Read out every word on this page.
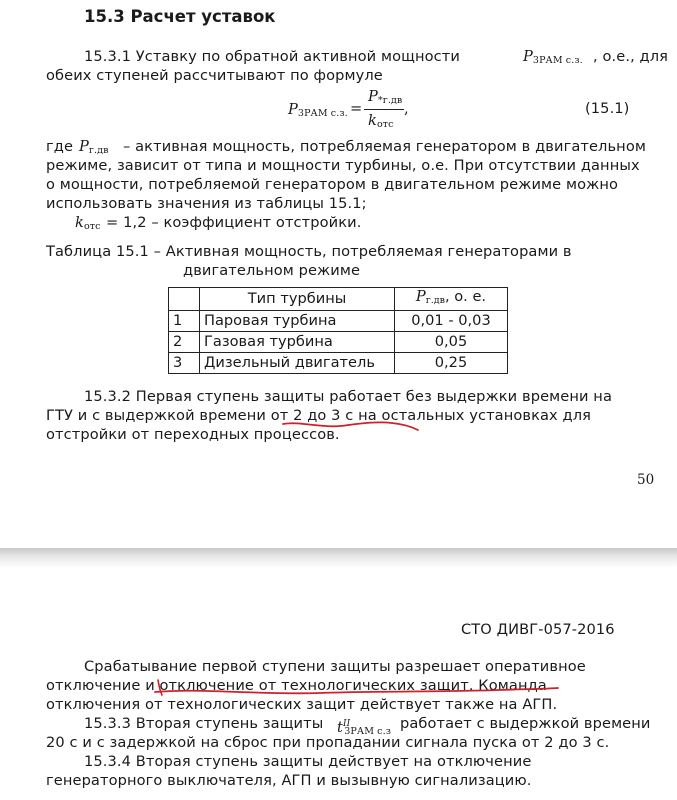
15.3 Расчет уставок
15.3.1 Уставку по обратной активной мощности	$P_{3РАМ с.з.}$ , о.е., для
обеих ступеней рассчитывают по формуле
$P_{3РАМ с.з.}$ =
$P_{*г.дв}$
$k_{отс}$
,	(15.1)
где $P_{г.дв}$ – активная мощность, потребляемая генератором в двигательном
режиме, зависит от типа и мощности турбины, о.е. При отсутствии данных
о мощности, потребляемой генератором в двигательном режиме можно
использовать значения из таблицы 15.1;
$k_{отс} = 1,2$ – коэффициент отстройки.
Таблица 15.1 – Активная мощность, потребляемая генераторами в
двигательном режиме
	Тип турбины	$P_{г.дв}$, о. е.
1	Паровая турбина	0,01 - 0,03
2	Газовая турбина	0,05
3	Дизельный двигатель	0,25
15.3.2 Первая ступень защиты работает без выдержки времени на
ГТУ и с выдержкой времени от 2 до 3 с на остальных установках для
отстройки от переходных процессов.
50
СТО ДИВГ-057-2016
Срабатывание первой ступени защиты разрешает оперативное
отключение и отключение от технологических защит. Команда
отключения от технологических защит действует также на АГП.
15.3.3 Вторая ступень защиты $t^{II}_{3РАМ с.з}$ работает с выдержкой времени
20 с и с задержкой на сброс при пропадании сигнала пуска от 2 до 3 с.
15.3.4 Вторая ступень защиты действует на отключение
генераторного выключателя, АГП и вызывную сигнализацию.
